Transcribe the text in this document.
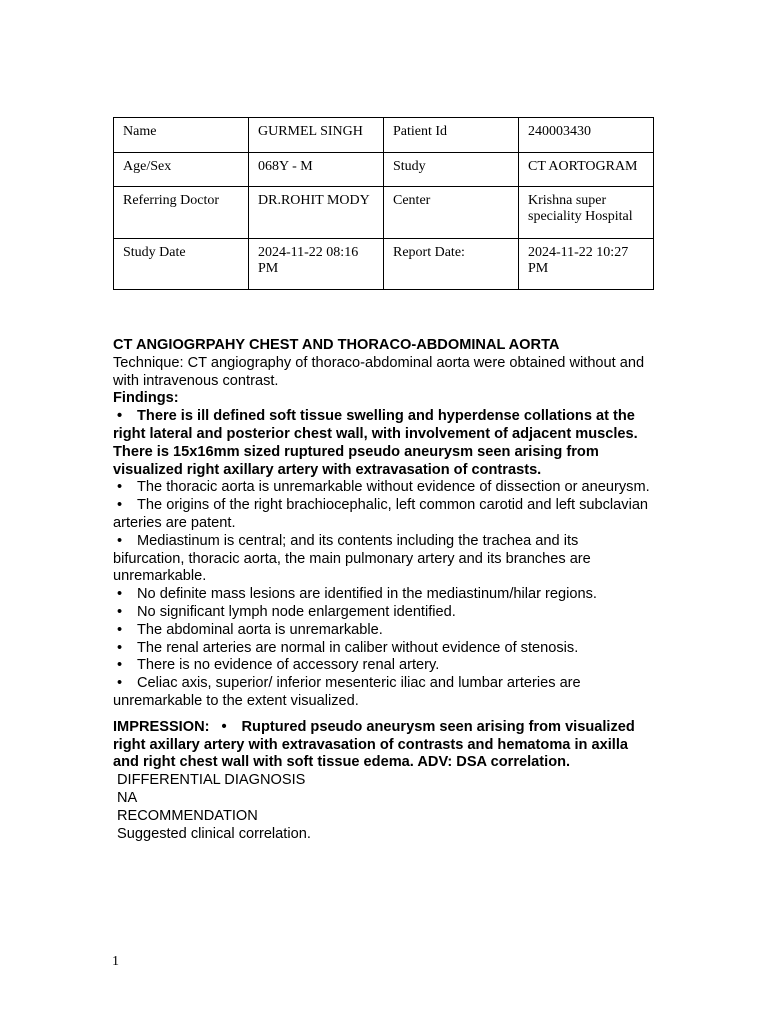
Name	GURMEL SINGH	Patient Id	240003430
Age/Sex	068Y - M	Study	CT AORTOGRAM
Referring Doctor	DR.ROHIT MODY	Center	Krishna super speciality Hospital
Study Date	2024-11-22 08:16 PM	Report Date:	2024-11-22 10:27 PM

CT ANGIOGRPAHY CHEST AND THORACO-ABDOMINAL AORTA

Technique: CT angiography of thoraco-abdominal aorta were obtained without and with intravenous contrast.

Findings:

• There is ill defined soft tissue swelling and hyperdense collations at the right lateral and posterior chest wall, with involvement of adjacent muscles. There is 15x16mm sized ruptured pseudo aneurysm seen arising from visualized right axillary artery with extravasation of contrasts.

• The thoracic aorta is unremarkable without evidence of dissection or aneurysm.

• The origins of the right brachiocephalic, left common carotid and left subclavian arteries are patent.

• Mediastinum is central; and its contents including the trachea and its bifurcation, thoracic aorta, the main pulmonary artery and its branches are unremarkable.

• No definite mass lesions are identified in the mediastinum/hilar regions.

• No significant lymph node enlargement identified.

• The abdominal aorta is unremarkable.

• The renal arteries are normal in caliber without evidence of stenosis.

• There is no evidence of accessory renal artery.

• Celiac axis, superior/ inferior mesenteric iliac and lumbar arteries are unremarkable to the extent visualized.

IMPRESSION: • Ruptured pseudo aneurysm seen arising from visualized right axillary artery with extravasation of contrasts and hematoma in axilla and right chest wall with soft tissue edema. ADV: DSA correlation.

DIFFERENTIAL DIAGNOSIS

NA

RECOMMENDATION

Suggested clinical correlation.

1
